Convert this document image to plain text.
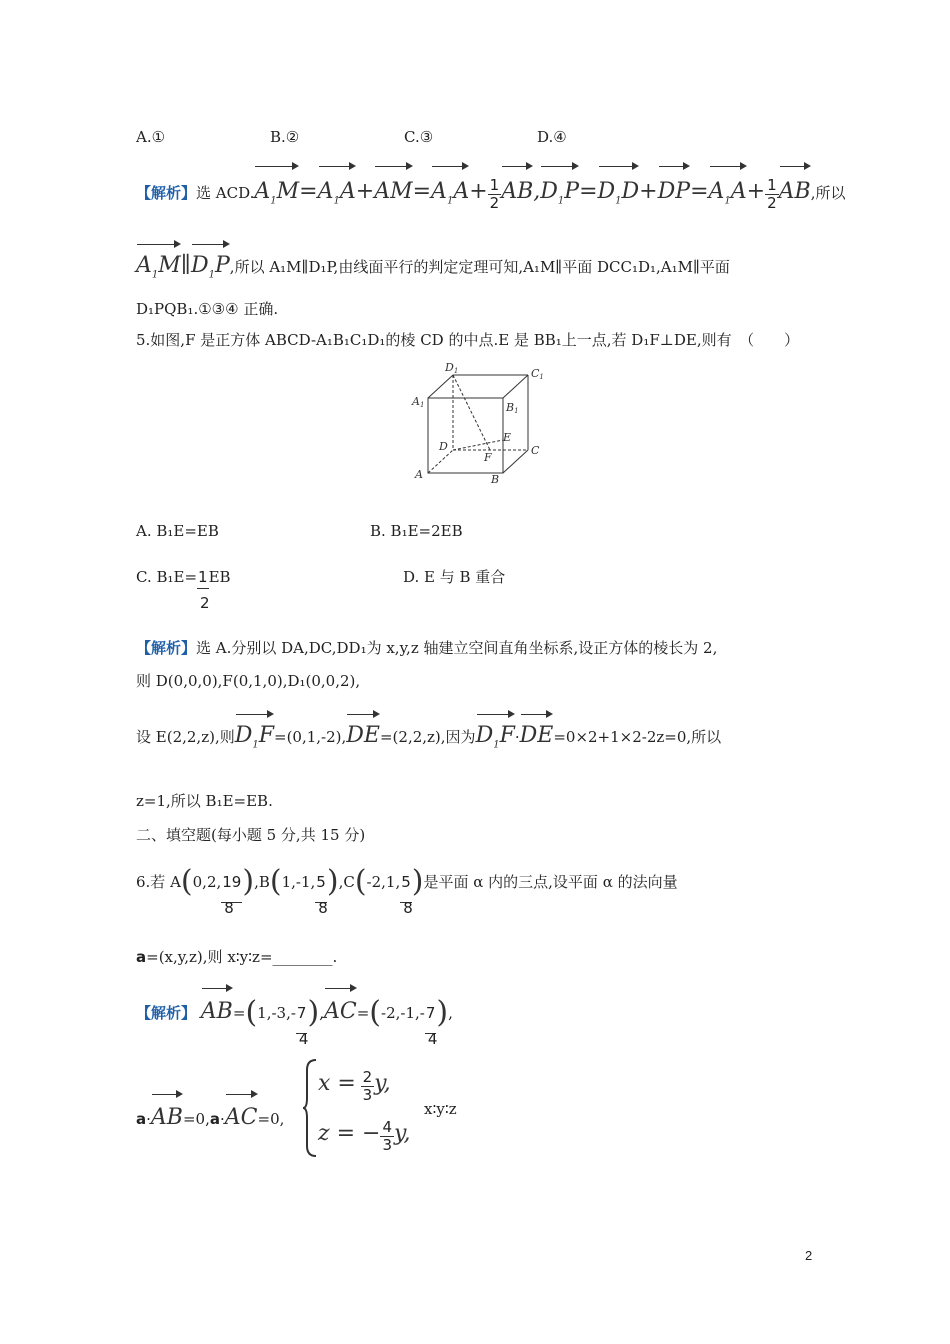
A.①	B.②	C.③	D.④
【解析】选 $ACD.A_1M=A_1A+AM=A_1A+ \frac{1}{2} AB,D_1P=D_1D+DP=A_1A+ \frac{1}{2}$ AB,所以
$A_1M\parallel D_1P$,所以 A₁M∥D₁P,由线面平行的判定定理可知,A₁M∥平面 DCC₁D₁,A₁M∥平面
D₁PQB₁.①③④ 正确.
5.如图,F 是正方体 ABCD-A₁B₁C₁D₁的棱 CD 的中点.E 是 BB₁上一点,若 D₁F⊥DE,则有　（　　）
D1	C1
A1	B1
D	C
A	B
E
F
A. B₁E=EB	B. B₁E=2EB
C. $B_1E= \frac{1}{2}$ EB	D. E 与 B 重合
【解析】选 A.分别以 DA,DC,DD₁为 x,y,z 轴建立空间直角坐标系,设正方体的棱长为 2,
则 D(0,0,0),F(0,1,0),D₁(0,0,2),
设 E(2,2,z),则$D_1F=(0,1,-2),DE=(2,2,z)$,因为$D_1F\cdot DE=0\times 2+1\times 2-2z=0$,所以
z=1,所以 B₁E=EB.
二、填空题(每小题 5 分,共 15 分)
6.若 A(0,2, 19
8
),B(1,-1, 5
8
),C(-2,1, 5
8
)是平面 α 内的三点,设平面 α 的法向量
a=(x,y,z),则 x∶y∶z=________.
【解析】 AB=(1,-3,- 7
4
),AC=(-2,-1,- 7
4
),
a·AB=0,a·AC=0,
$x = \frac{2}{3} y$,
z = − $\frac{4}{3} y$,
x∶y∶z
2
